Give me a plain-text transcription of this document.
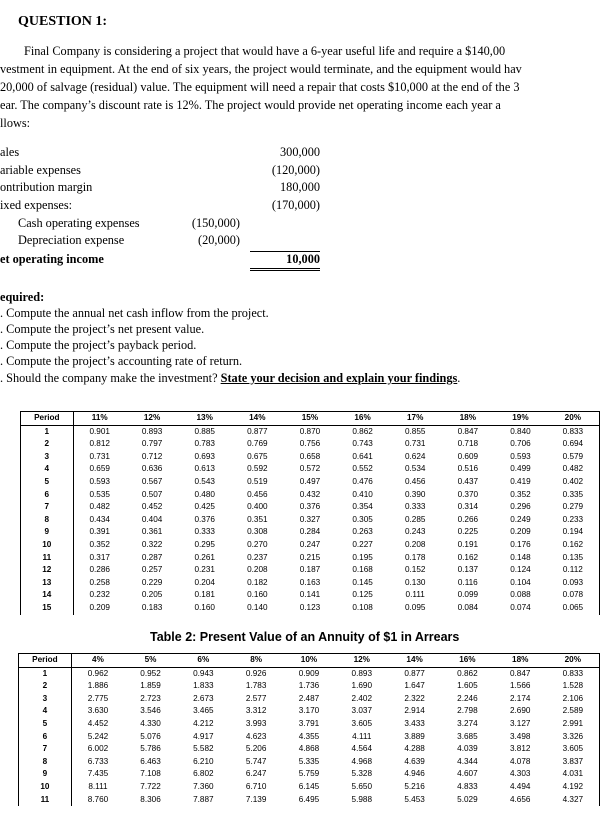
QUESTION 1:
Final Company is considering a project that would have a 6-year useful life and require a $140,00
vestment in equipment. At the end of six years, the project would terminate, and the equipment would hav
20,000 of salvage (residual) value. The equipment will need a repair that costs $10,000 at the end of the 3
ear. The company’s discount rate is 12%. The project would provide net operating income each year a
llows:
ales	300,000
ariable expenses	(120,000)
ontribution margin	180,000
ixed expenses:	(170,000)
Cash operating expenses	(150,000)
Depreciation expense	(20,000)
et operating income	10,000
equired:
. Compute the annual net cash inflow from the project.
. Compute the project’s net present value.
. Compute the project’s payback period.
. Compute the project’s accounting rate of return.
. Should the company make the investment? State your decision and explain your findings.
Period	11%	12%	13%	14%	15%	16%	17%	18%	19%	20%
1	0.901	0.893	0.885	0.877	0.870	0.862	0.855	0.847	0.840	0.833
2	0.812	0.797	0.783	0.769	0.756	0.743	0.731	0.718	0.706	0.694
3	0.731	0.712	0.693	0.675	0.658	0.641	0.624	0.609	0.593	0.579
4	0.659	0.636	0.613	0.592	0.572	0.552	0.534	0.516	0.499	0.482
5	0.593	0.567	0.543	0.519	0.497	0.476	0.456	0.437	0.419	0.402
6	0.535	0.507	0.480	0.456	0.432	0.410	0.390	0.370	0.352	0.335
7	0.482	0.452	0.425	0.400	0.376	0.354	0.333	0.314	0.296	0.279
8	0.434	0.404	0.376	0.351	0.327	0.305	0.285	0.266	0.249	0.233
9	0.391	0.361	0.333	0.308	0.284	0.263	0.243	0.225	0.209	0.194
10	0.352	0.322	0.295	0.270	0.247	0.227	0.208	0.191	0.176	0.162
11	0.317	0.287	0.261	0.237	0.215	0.195	0.178	0.162	0.148	0.135
12	0.286	0.257	0.231	0.208	0.187	0.168	0.152	0.137	0.124	0.112
13	0.258	0.229	0.204	0.182	0.163	0.145	0.130	0.116	0.104	0.093
14	0.232	0.205	0.181	0.160	0.141	0.125	0.111	0.099	0.088	0.078
15	0.209	0.183	0.160	0.140	0.123	0.108	0.095	0.084	0.074	0.065
Table 2: Present Value of an Annuity of $1 in Arrears
Period	4%	5%	6%	8%	10%	12%	14%	16%	18%	20%
1	0.962	0.952	0.943	0.926	0.909	0.893	0.877	0.862	0.847	0.833
2	1.886	1.859	1.833	1.783	1.736	1.690	1.647	1.605	1.566	1.528
3	2.775	2.723	2.673	2.577	2.487	2.402	2.322	2.246	2.174	2.106
4	3.630	3.546	3.465	3.312	3.170	3.037	2.914	2.798	2.690	2.589
5	4.452	4.330	4.212	3.993	3.791	3.605	3.433	3.274	3.127	2.991
6	5.242	5.076	4.917	4.623	4.355	4.111	3.889	3.685	3.498	3.326
7	6.002	5.786	5.582	5.206	4.868	4.564	4.288	4.039	3.812	3.605
8	6.733	6.463	6.210	5.747	5.335	4.968	4.639	4.344	4.078	3.837
9	7.435	7.108	6.802	6.247	5.759	5.328	4.946	4.607	4.303	4.031
10	8.111	7.722	7.360	6.710	6.145	5.650	5.216	4.833	4.494	4.192
11	8.760	8.306	7.887	7.139	6.495	5.988	5.453	5.029	4.656	4.327
